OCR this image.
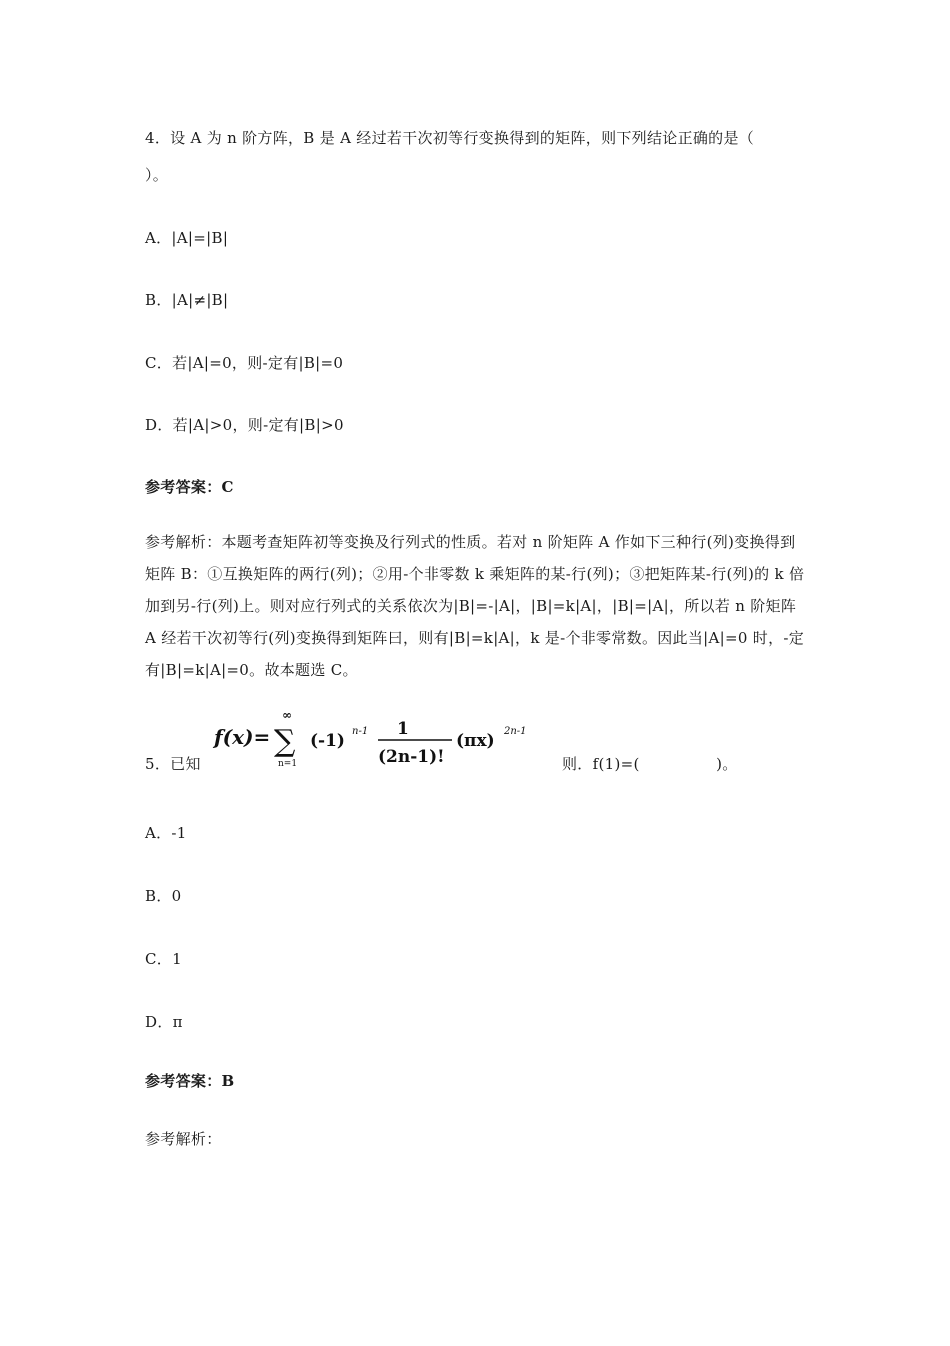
4．设 A 为 n 阶方阵，B 是 A 经过若干次初等行变换得到的矩阵，则下列结论正确的是（
）。
A．|A|=|B|
B．|A|≠|B|
C．若|A|=0，则-定有|B|=0
D．若|A|>0，则-定有|B|>0
参考答案：C
参考解析：本题考查矩阵初等变换及行列式的性质。若对 n 阶矩阵 A 作如下三种行(列)变换得到矩阵 B：①互换矩阵的两行(列)；②用-个非零数 k 乘矩阵的某-行(列)；③把矩阵某-行(列)的 k 倍加到另-行(列)上。则对应行列式的关系依次为|B|=-|A|，|B|=k|A|，|B|=|A|，所以若 n 阶矩阵 A 经若干次初等行(列)变换得到矩阵曰，则有|B|=k|A|，k 是-个非零常数。因此当|A|=0 时，-定有|B|=k|A|=0。故本题选 C。
5．已知
f(x)=
∞
∑
n=1
(-1) n-1 1
(2n-1)!
(πx) 2n-1
则．f(1)=(　　　　　)。
A．-1
B．0
C．1
D．π
参考答案：B
参考解析：
